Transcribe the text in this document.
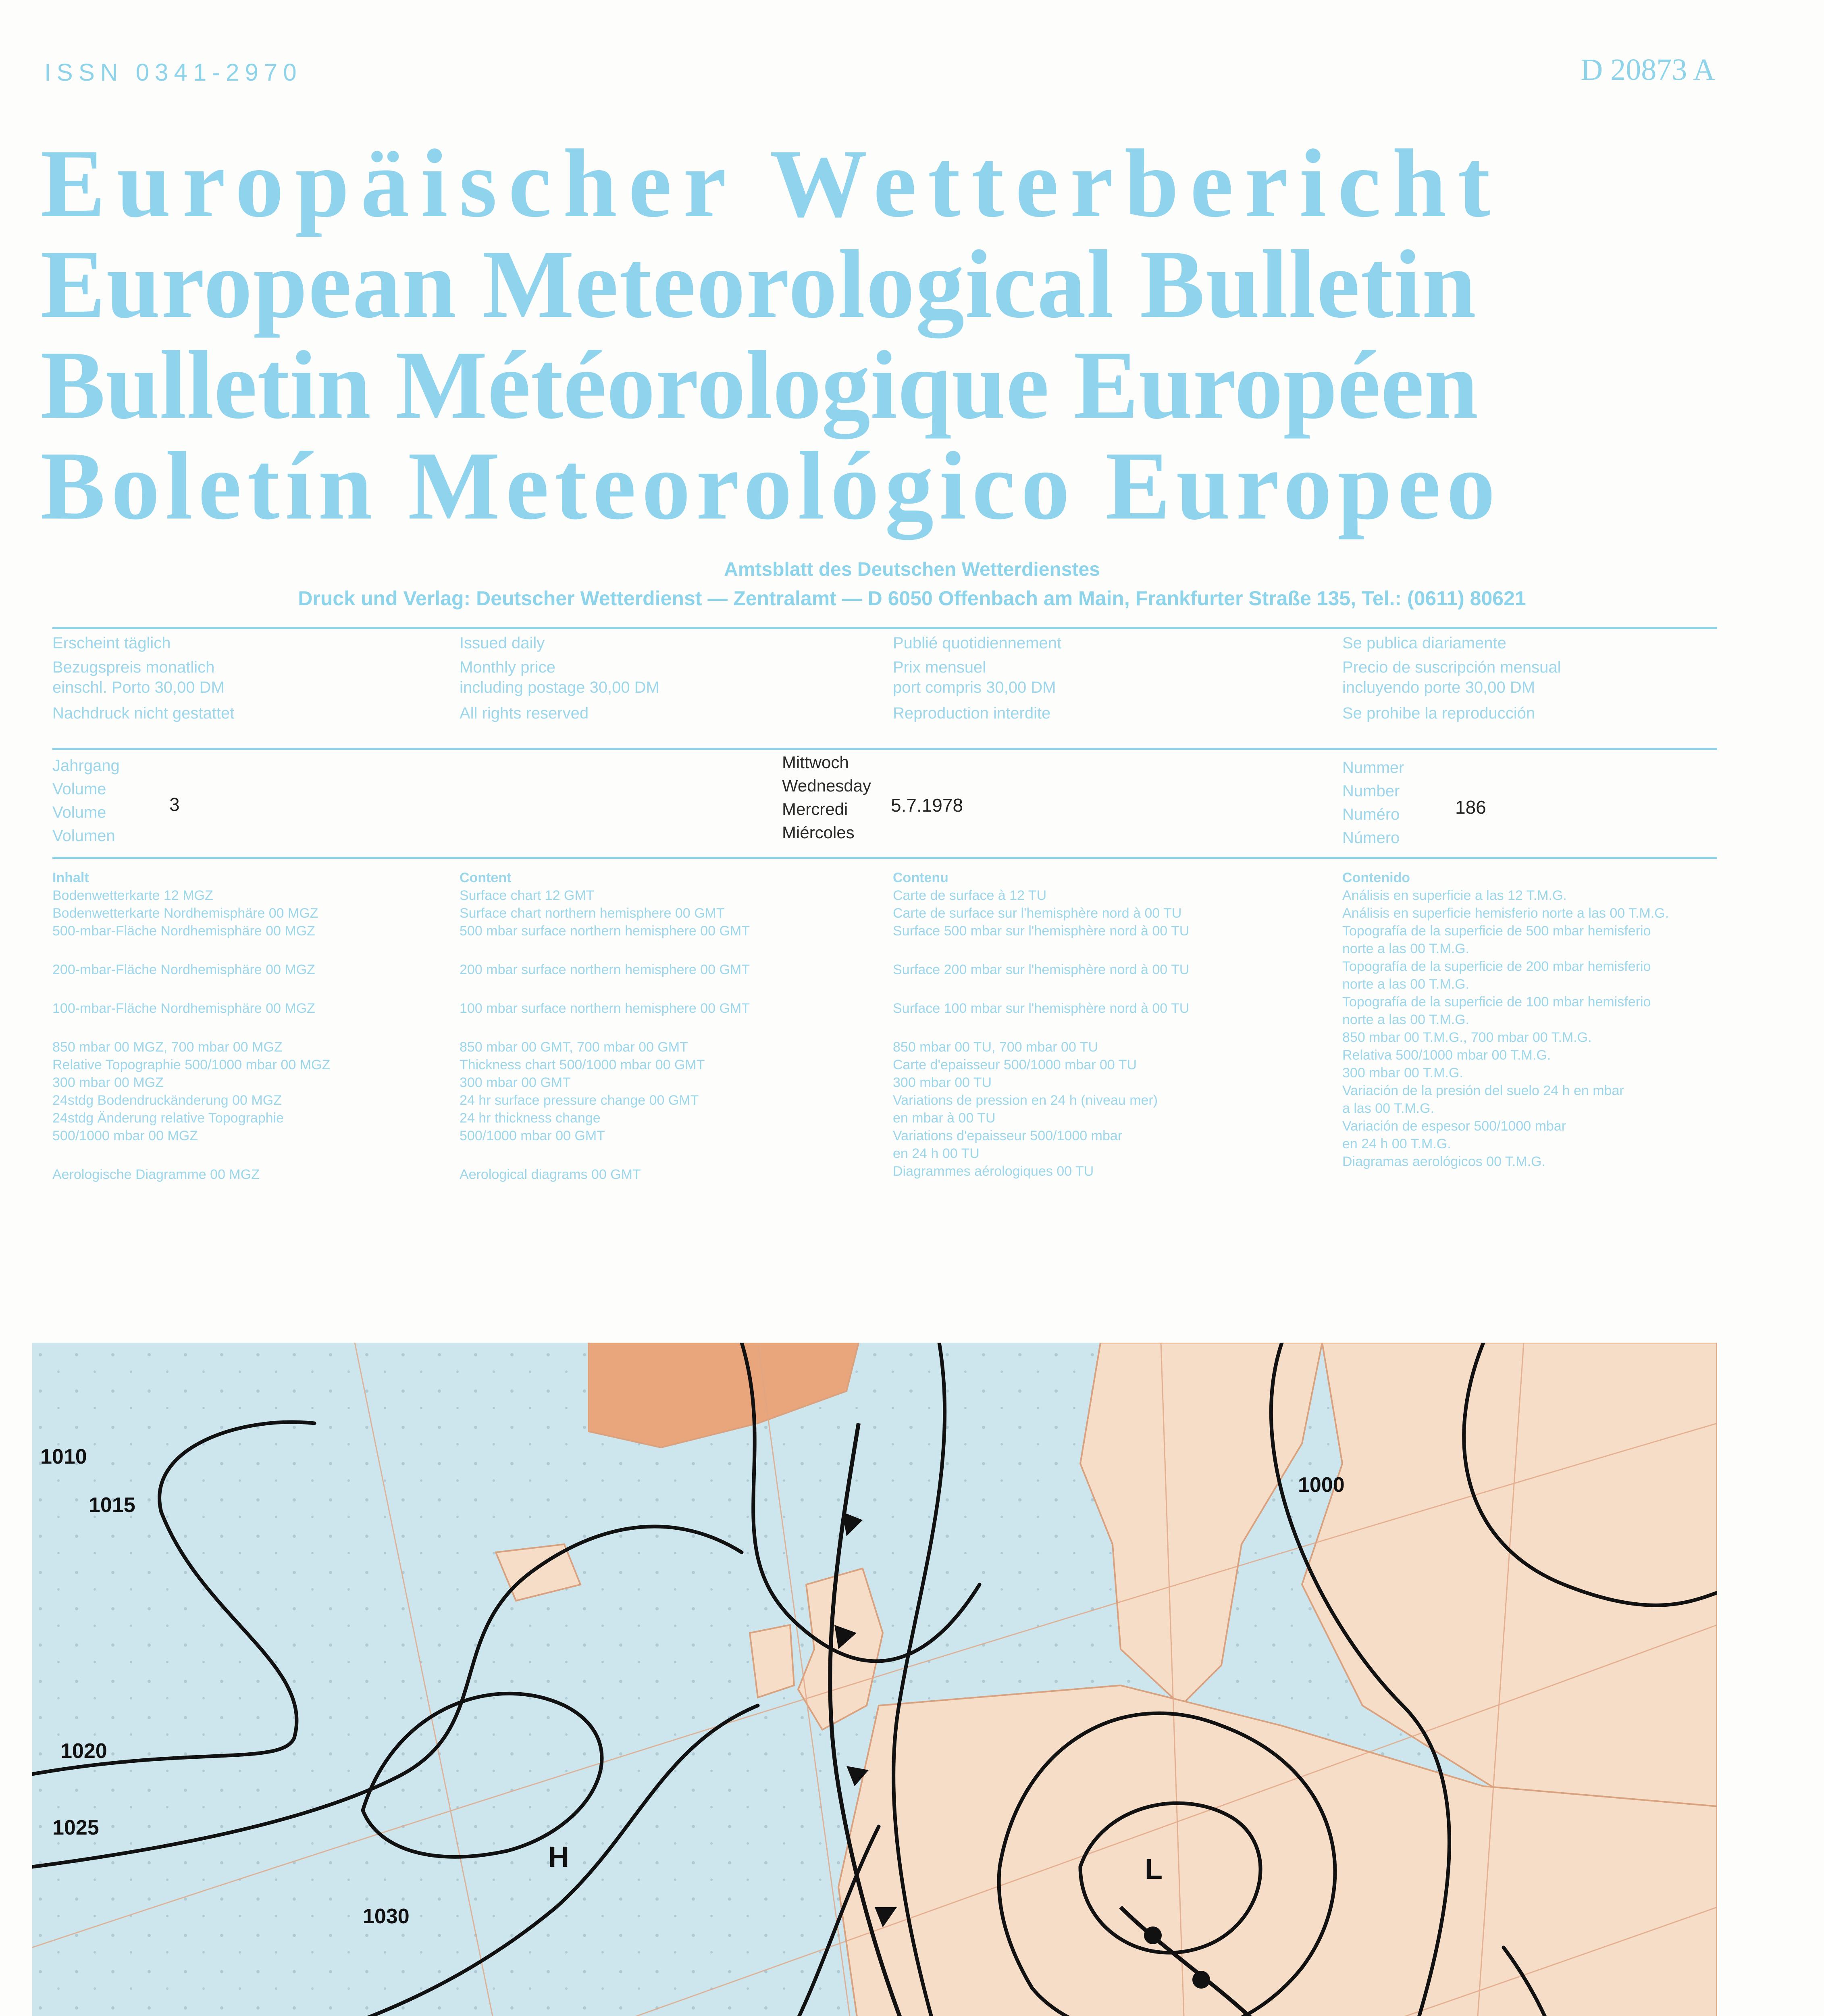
ISSN 0341-2970	D 20873 A
Europäischer Wetterbericht
European Meteorological Bulletin
Bulletin Météorologique Européen
Boletín Meteorológico Europeo
Amtsblatt des Deutschen Wetterdienstes
Druck und Verlag: Deutscher Wetterdienst — Zentralamt — D 6050 Offenbach am Main, Frankfurter Straße 135, Tel.: (0611) 80621
Erscheint täglich
Bezugspreis monatlich
einschl. Porto 30,00 DM
Nachdruck nicht gestattet
Issued daily
Monthly price
including postage 30,00 DM
All rights reserved
Publié quotidiennement
Prix mensuel
port compris 30,00 DM
Reproduction interdite
Se publica diariamente
Precio de suscripción mensual
incluyendo porte 30,00 DM
Se prohibe la reproducción
Jahrgang
Volume
Volume
Volumen
3
Mittwoch
Wednesday
Mercredi
Miércoles
5.7.1978
Nummer
Number
Numéro
Número
186
Inhalt
Bodenwetterkarte 12 MGZ
Bodenwetterkarte Nordhemisphäre 00 MGZ
500-mbar-Fläche Nordhemisphäre 00 MGZ
200-mbar-Fläche Nordhemisphäre 00 MGZ
100-mbar-Fläche Nordhemisphäre 00 MGZ
850 mbar 00 MGZ, 700 mbar 00 MGZ
Relative Topographie 500/1000 mbar 00 MGZ
300 mbar 00 MGZ
24stdg Bodendruckänderung 00 MGZ
24stdg Änderung relative Topographie
500/1000 mbar 00 MGZ
Aerologische Diagramme 00 MGZ
Content
Surface chart 12 GMT
Surface chart northern hemisphere 00 GMT
500 mbar surface northern hemisphere 00 GMT
200 mbar surface northern hemisphere 00 GMT
100 mbar surface northern hemisphere 00 GMT
850 mbar 00 GMT, 700 mbar 00 GMT
Thickness chart 500/1000 mbar 00 GMT
300 mbar 00 GMT
24 hr surface pressure change 00 GMT
24 hr thickness change
500/1000 mbar 00 GMT
Aerological diagrams 00 GMT
Contenu
Carte de surface à 12 TU
Carte de surface sur l'hemisphère nord à 00 TU
Surface 500 mbar sur l'hemisphère nord à 00 TU
Surface 200 mbar sur l'hemisphère nord à 00 TU
Surface 100 mbar sur l'hemisphère nord à 00 TU
850 mbar 00 TU, 700 mbar 00 TU
Carte d'epaisseur 500/1000 mbar 00 TU
300 mbar 00 TU
Variations de pression en 24 h (niveau mer)
en mbar à 00 TU
Variations d'epaisseur 500/1000 mbar
en 24 h 00 TU
Diagrammes aérologiques 00 TU
Contenido
Análisis en superficie a las 12 T.M.G.
Análisis en superficie hemisferio norte a las 00 T.M.G.
Topografía de la superficie de 500 mbar hemisferio
norte a las 00 T.M.G.
Topografía de la superficie de 200 mbar hemisferio
norte a las 00 T.M.G.
Topografía de la superficie de 100 mbar hemisferio
norte a las 00 T.M.G.
850 mbar 00 T.M.G., 700 mbar 00 T.M.G.
Relativa 500/1000 mbar 00 T.M.G.
300 mbar 00 T.M.G.
Variación de la presión del suelo 24 h en mbar
a las 00 T.M.G.
Variación de espesor 500/1000 mbar
en 24 h 00 T.M.G.
Diagramas aerológicos 00 T.M.G.
1015
1010
1020
1025
1030
1000
H	L
